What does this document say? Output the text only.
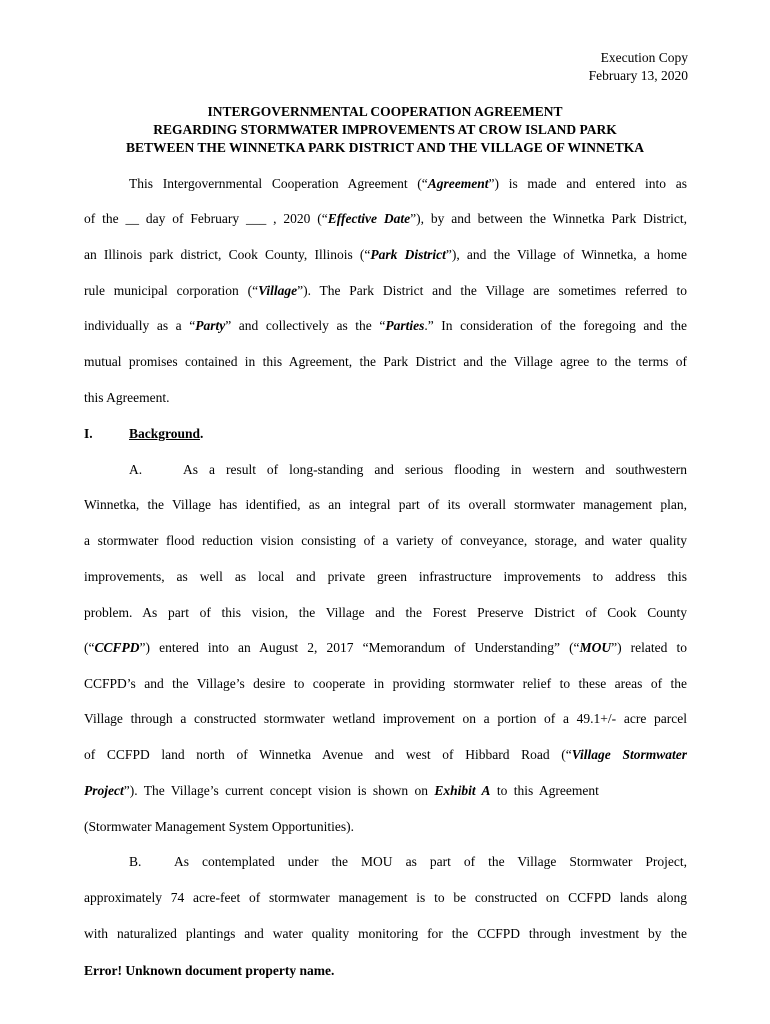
Execution Copy
February 13, 2020
INTERGOVERNMENTAL COOPERATION AGREEMENT
REGARDING STORMWATER IMPROVEMENTS AT CROW ISLAND PARK
BETWEEN THE WINNETKA PARK DISTRICT AND THE VILLAGE OF WINNETKA
This Intergovernmental Cooperation Agreement (“Agreement”) is made and entered into as
of the __ day of February ___ , 2020 (“Effective Date”), by and between the Winnetka Park District,
an Illinois park district, Cook County, Illinois (“Park District”), and the Village of Winnetka, a home
rule municipal corporation (“Village”). The Park District and the Village are sometimes referred to
individually as a “Party” and collectively as the “Parties.” In consideration of the foregoing and the
mutual promises contained in this Agreement, the Park District and the Village agree to the terms of
this Agreement.
I.	Background.
A.	As a result of long-standing and serious flooding in western and southwestern
Winnetka, the Village has identified, as an integral part of its overall stormwater management plan,
a stormwater flood reduction vision consisting of a variety of conveyance, storage, and water quality
improvements, as well as local and private green infrastructure improvements to address this
problem. As part of this vision, the Village and the Forest Preserve District of Cook County
(“CCFPD”) entered into an August 2, 2017 “Memorandum of Understanding” (“MOU”) related to
CCFPD’s and the Village’s desire to cooperate in providing stormwater relief to these areas of the
Village through a constructed stormwater wetland improvement on a portion of a 49.1+/- acre parcel
of CCFPD land north of Winnetka Avenue and west of Hibbard Road (“Village Stormwater
Project”). The Village’s current concept vision is shown on Exhibit A to this Agreement
(Stormwater Management System Opportunities).
B. As contemplated under the MOU as part of the Village Stormwater Project,
approximately 74 acre-feet of stormwater management is to be constructed on CCFPD lands along
with naturalized plantings and water quality monitoring for the CCFPD through investment by the
Error! Unknown document property name.
